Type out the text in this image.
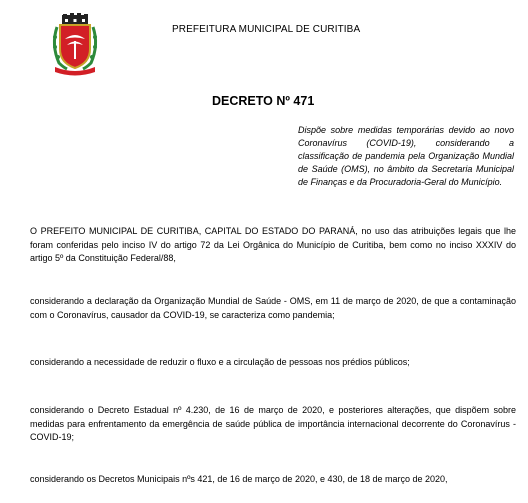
PREFEITURA MUNICIPAL DE CURITIBA
DECRETO Nº 471
Dispõe sobre medidas temporárias devido ao novo Coronavírus (COVID-19), considerando a classificação de pandemia pela Organização Mundial de Saúde (OMS), no âmbito da Secretaria Municipal de Finanças e da Procuradoria-Geral do Município.
O PREFEITO MUNICIPAL DE CURITIBA, CAPITAL DO ESTADO DO PARANÁ, no uso das atribuições legais que lhe foram conferidas pelo inciso IV do artigo 72 da Lei Orgânica do Município de Curitiba, bem como no inciso XXXIV do artigo 5º da Constituição Federal/88,
considerando a declaração da Organização Mundial de Saúde - OMS, em 11 de março de 2020, de que a contaminação com o Coronavírus, causador da COVID-19, se caracteriza como pandemia;
considerando a necessidade de reduzir o fluxo e a circulação de pessoas nos prédios públicos;
considerando o Decreto Estadual nº 4.230, de 16 de março de 2020, e posteriores alterações, que dispõem sobre medidas para enfrentamento da emergência de saúde pública de importância internacional decorrente do Coronavírus - COVID-19;
considerando os Decretos Municipais nºs 421, de 16 de março de 2020, e 430, de 18 de março de 2020,
